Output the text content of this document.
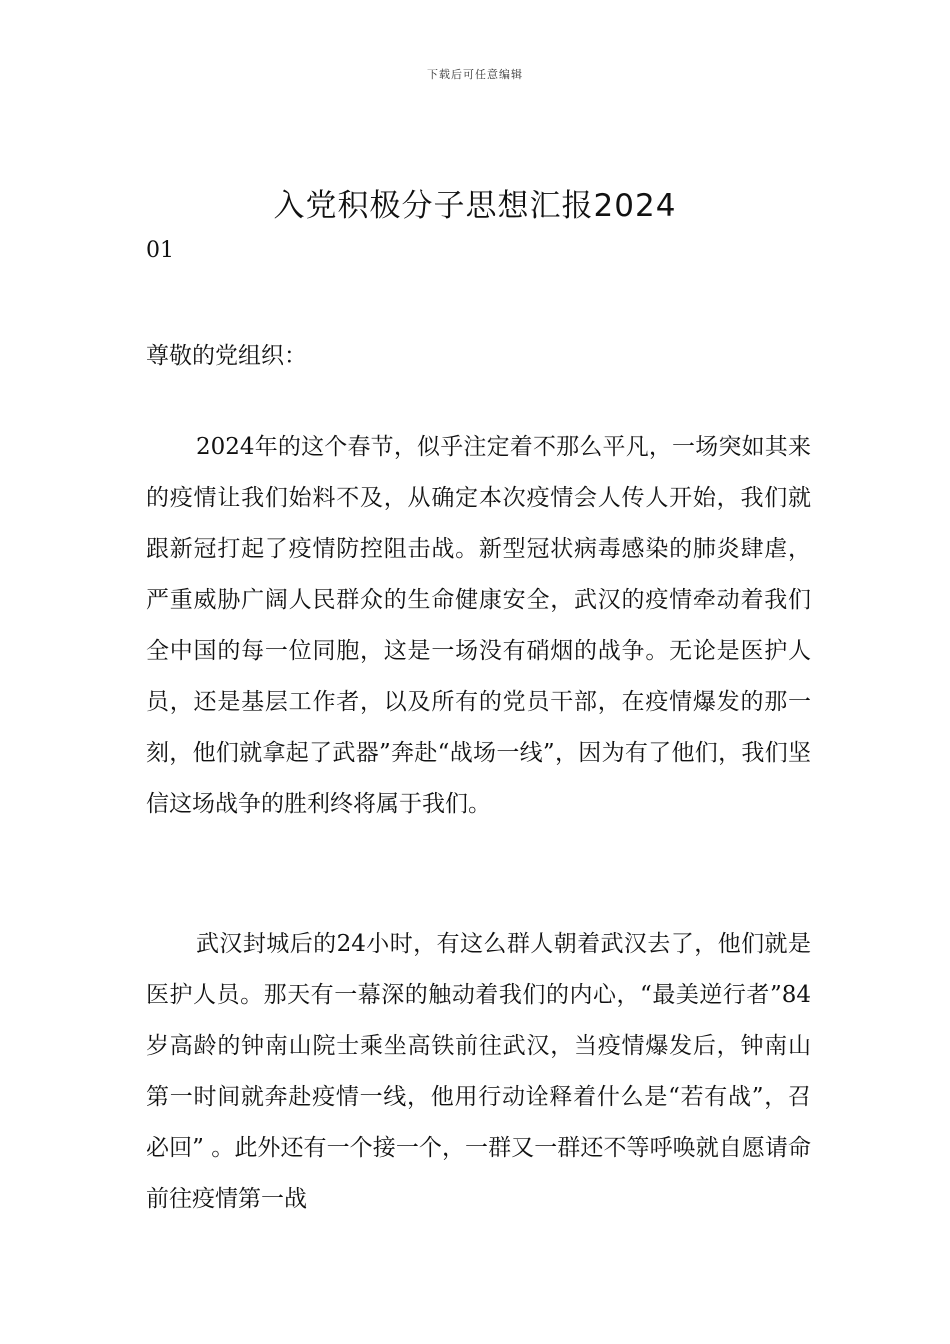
下载后可任意编辑
入党积极分子思想汇报2024
01
尊敬的党组织：

2024年的这个春节，似乎注定着不那么平凡，一场突如其来的疫情让我们始料不及，从确定本次疫情会人传人开始，我们就跟新冠打起了疫情防控阻击战。新型冠状病毒感染的肺炎肆虐，严重威胁广阔人民群众的生命健康安全，武汉的疫情牵动着我们全中国的每一位同胞，这是一场没有硝烟的战争。无论是医护人员，还是基层工作者，以及所有的党员干部，在疫情爆发的那一刻，他们就拿起了武器”奔赴“战场一线”，因为有了他们，我们坚信这场战争的胜利终将属于我们。

武汉封城后的24小时，有这么群人朝着武汉去了，他们就是医护人员。那天有一幕深的触动着我们的内心，“最美逆行者”84岁高龄的钟南山院士乘坐高铁前往武汉，当疫情爆发后，钟南山第一时间就奔赴疫情一线，他用行动诠释着什么是“若有战”，召必回” 。此外还有一个接一个，一群又一群还不等呼唤就自愿请命前往疫情第一战
